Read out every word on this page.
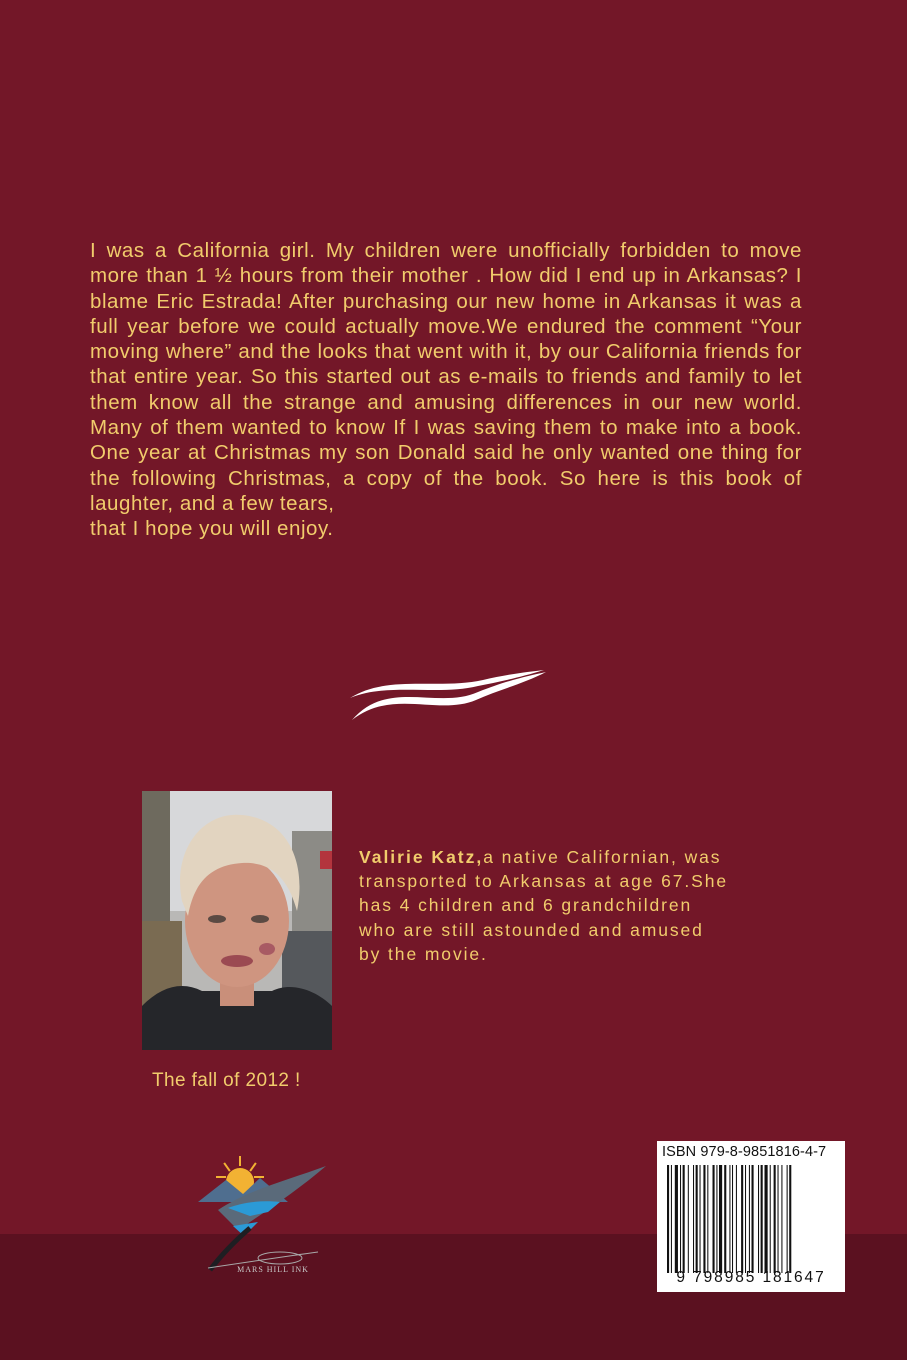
I was a California girl. My children were unofficially forbidden to move more than 1 ½ hours from their mother . How did I end up in Arkansas? I blame Eric Estrada! After purchasing our new home in Arkansas it was a full year before we could actually move.We endured the comment “Your moving where” and the looks that went with it, by our California friends for that entire year. So this started out as e-mails to friends and family to let them know all the strange and amusing differences in our new world. Many of them wanted to know If I was saving them to make into a book. One year at Christmas my son Donald said he only wanted one thing for the following Christmas, a copy of the book. So here is this book of laughter, and a few tears,
that I hope you will enjoy.

Valirie Katz,a native Californian, was transported to Arkansas at age 67.She has 4 children and 6 grandchildren who are still astounded and amused by the movie.

The fall of 2012 !
MARS HILL INK
ISBN 979-8-9851816-4-7
9 798985 181647
